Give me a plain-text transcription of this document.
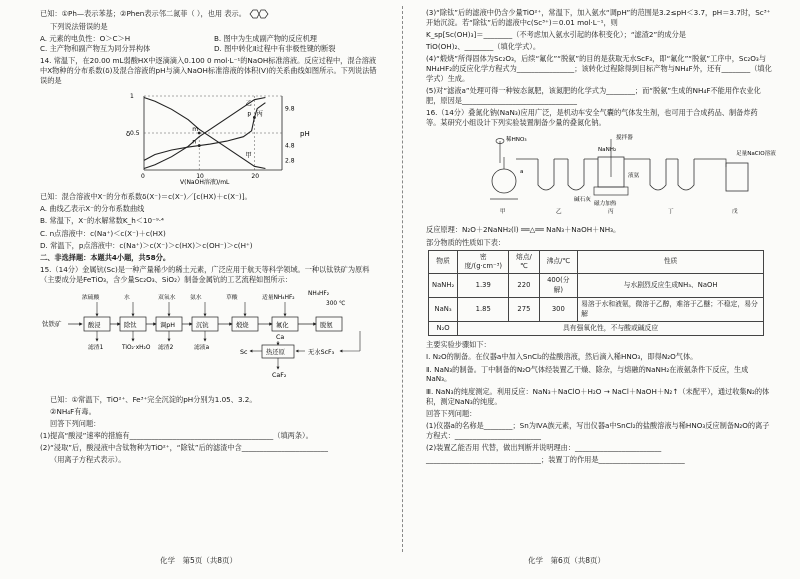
已知：①Ph—表示苯基；②Phen表示邻二氮菲（ ），也用 表示。

下列说法错误的是

A. 元素的电负性：O＞C＞H	B. 图中为生成副产物的反应机理
C. 主产物和副产物互为同分异构体	D. 图中转化Ⅱ过程中有非极性键的断裂

14. 常温下，在20.00 mL弱酸HX中逐滴滴入0.100 0 mol·L⁻¹的NaOH标准溶液。反应过程中，混合溶液中X物种的分布系数(δ)及混合溶液的pH与滴入NaOH标准溶液的体积(V)的关系曲线如图所示。下列说法错误的是

0	10	20
0.5
1
2.8
4.8
9.8
V(NaOH溶液)/mL
δ	pH
甲
乙
丙
m
n
p

已知：混合溶液中X⁻的分布系数δ(X⁻)＝c(X⁻)／[c(HX)＋c(X⁻)]。

A. 曲线乙表示X⁻的分布系数曲线

B. 常温下，X⁻的水解常数K_h＜10⁻⁹·⁴

C. n点溶液中：c(Na⁺)＜c(X⁻)＋c(HX)

D. 常温下，p点溶液中：c(Na⁺)＞c(X⁻)＞c(HX)＞c(OH⁻)＞c(H⁺)

二、非选择题：本题共4小题，共58分。

15.（14分）金属钪(Sc)是一种产量稀少的稀土元素，广泛应用于航天等科学领域。一种以钛铁矿为原料（主要成分是FeTiO₃，含少量Sc₂O₃、SiO₂）制备金属钪的工艺流程如图所示：

钛铁矿	酸浸	除钛	调pH	沉钪	煅烧	氟化	脱氨
浓硫酸	水	双氧水	氨水	草酸	适量NH₄HF₂
NH₄HF₂
300 ℃
滤渣1	TiO₂·xH₂O 滤渣2	滤液a
热还原	无水ScF₃
Ca
CaF₂
Sc

已知：①常温下，TiO²⁺、Fe³⁺完全沉淀的pH分别为1.05、3.2。

②NH₄F有毒。

回答下列问题：

(1)提高“酸浸”速率的措施有________________________________________（填两条）。

(2)“浸取”后，酸浸液中含钛物种为TiO²⁺，“除钛”后的滤渣中含________________________

（用离子方程式表示）。

(3)“除钛”后的滤液中仍含少量TiO²⁺，常温下，加入氨水“调pH”的范围是3.2≤pH＜3.7，pH＝3.7时，Sc³⁺开始沉淀。若“除钛”后的滤液中c(Sc³⁺)＝0.01 mol·L⁻¹，则

K_sp[Sc(OH)₃]＝________（不考虑加入氨水引起的体积变化）；“滤渣2”的成分是

TiO(OH)₂、________（填化学式）。

(4)“煅烧”所得固体为Sc₂O₃，后续“氟化”“脱氨”的目的是获取无水ScF₃，即“氟化”“脱氨”工序中，Sc₂O₃与NH₄HF₂的反应化学方程式为________________；该转化过程除得到目标产物与NH₄F外，还有________（填化学式）生成。

(5)对“滤液a”处理可得一种铵态氮肥，该氮肥的化学式为________；而“脱氨”生成的NH₄F不能用作农业化肥，原因是________________________________

16.（14分）叠氮化钠(NaN₃)应用广泛，是机动车安全气囊的气体发生剂，也可用于合成药品、制备炸药等。某研究小组设计下列实验装置制备少量的叠氮化钠。

稀HNO₃
a
甲	乙	丙	丁	戊
搅拌器
NaNH₂
液氨
碱石灰
磁力加热
足量NaClO溶液

反应原理：N₂O＋2NaNH₂(l) ══△══ NaN₃＋NaOH＋NH₃。

部分物质的性质如下表：

物质	密度/(g·cm⁻³)	熔点/℃	沸点/℃	性质
NaNH₂	1.39	220	400(分解)	与水剧烈反应生成NH₃、NaOH
NaN₃	1.85	275	300	易溶于水和液氨，微溶于乙醇，难溶于乙醚；不稳定，易分解
N₂O	具有强氧化性，不与酸或碱反应			

主要实验步骤如下：

Ⅰ. N₂O的制备。在仪器a中加入SnCl₂的盐酸溶液，然后滴入稀HNO₃，即得N₂O气体。

Ⅱ. NaN₃的制备。丁中制备的N₂O气体经装置乙干燥、除杂，与熔融的NaNH₂在液氨条件下反应，生成NaN₃。

Ⅲ. NaN₃的纯度测定。利用反应：NaN₃＋NaClO＋H₂O → NaCl＋NaOH＋N₂↑（未配平），通过收集N₂的体积，测定NaN₃的纯度。

回答下列问题：

(1)仪器a的名称是________；Sn为ⅣA族元素，写出仪器a中SnCl₂的盐酸溶液与稀HNO₃反应制备N₂O的离子方程式：________________________

(2)装置乙能否用 代替，做出判断并说明理由：________________________

________________________________；装置丁的作用是________________________

化学　第5页（共8页）	化学　第6页（共8页）
